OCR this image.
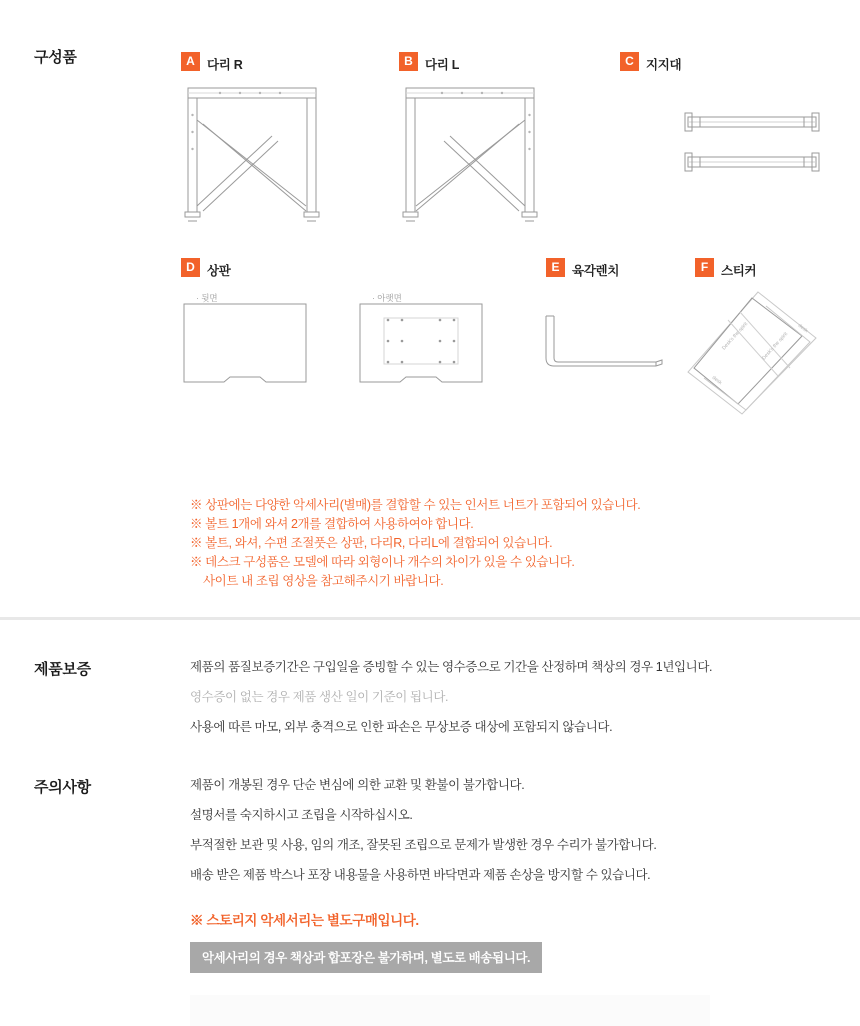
구성품	A 다리 R	B 다리 L	C 지지대
D 상판
· 뒷면	· 아랫면
E	육각렌치	F	스티커
desk
desk
Desk's the spirit Desk's the spirit
※ 상판에는 다양한 악세사리(별매)를 결합할 수 있는 인서트 너트가 포함되어 있습니다.
※ 볼트 1개에 와셔 2개를 결합하여 사용하여야 합니다.
※ 볼트, 와셔, 수편 조절풋은 상판, 다리R, 다리L에 결합되어 있습니다.
※ 데스크 구성품은 모델에 따라 외형이나 개수의 차이가 있을 수 있습니다.
사이트 내 조립 영상을 참고해주시기 바랍니다.
제품보증	제품의 품질보증기간은 구입일을 증빙할 수 있는 영수증으로 기간을 산정하며 책상의 경우 1년입니다.
영수증이 없는 경우 제품 생산 일이 기준이 됩니다.
사용에 따른 마모, 외부 충격으로 인한 파손은 무상보증 대상에 포함되지 않습니다.
주의사항	제품이 개봉된 경우 단순 변심에 의한 교환 및 환불이 불가합니다.
설명서를 숙지하시고 조립을 시작하십시오.
부적절한 보관 및 사용, 임의 개조, 잘못된 조립으로 문제가 발생한 경우 수리가 불가합니다.
배송 받은 제품 박스나 포장 내용물을 사용하면 바닥면과 제품 손상을 방지할 수 있습니다.
※ 스토리지 악세서리는 별도구매입니다.
악세사리의 경우 책상과 합포장은 불가하며, 별도로 배송됩니다.
